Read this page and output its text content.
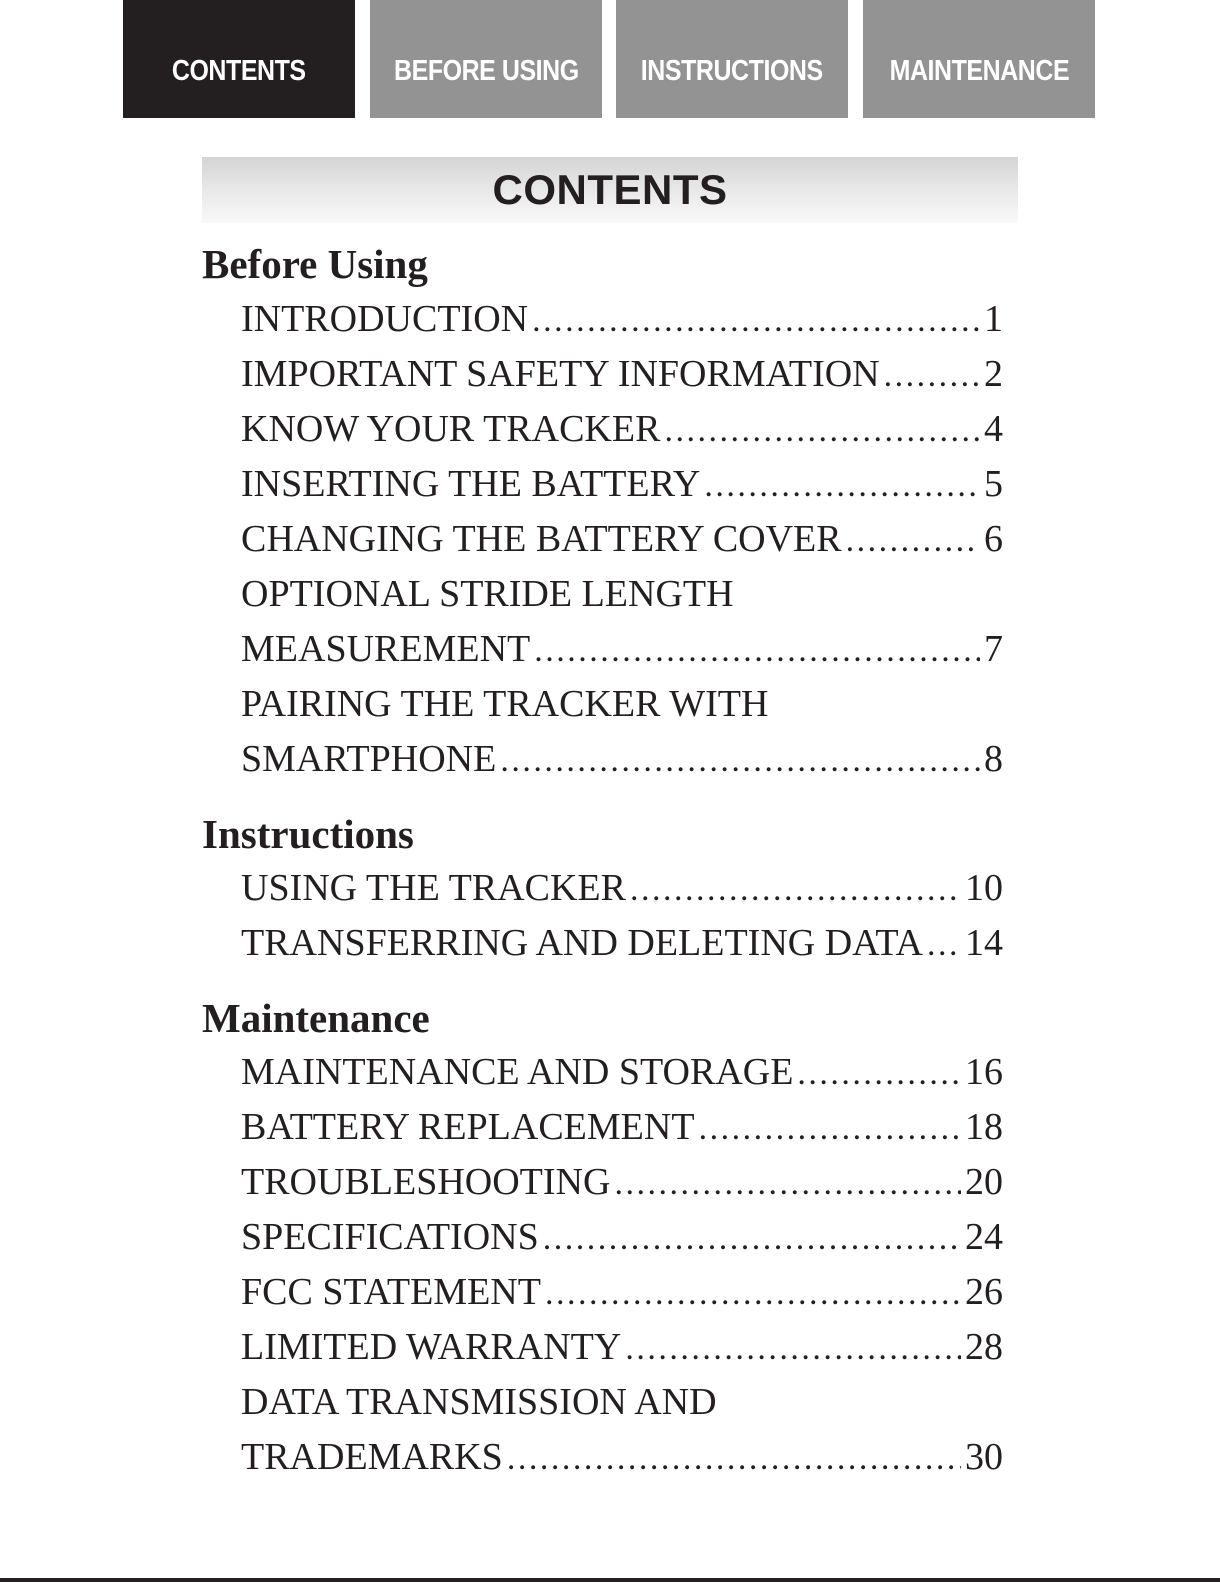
CONTENTS	BEFORE USING INSTRUCTIONS MAINTENANCE
CONTENTS
Before Using
INTRODUCTION . . .	1
IMPORTANT SAFETY INFORMATION . . .	2
KNOW YOUR TRACKER . . .	4
INSERTING THE BATTERY . . .	5
CHANGING THE BATTERY COVER . . .	6
OPTIONAL STRIDE LENGTH
MEASUREMENT . . .	7
PAIRING THE TRACKER WITH
SMARTPHONE . . .	8
Instructions
USING THE TRACKER . . .	10
TRANSFERRING AND DELETING DATA . . . 14
Maintenance
MAINTENANCE AND STORAGE . . .	16
BATTERY REPLACEMENT . . .	18
TROUBLESHOOTING . . .	20
SPECIFICATIONS . . .	24
FCC STATEMENT . . .	26
LIMITED WARRANTY . . .	28
DATA TRANSMISSION AND
TRADEMARKS . . .	30
